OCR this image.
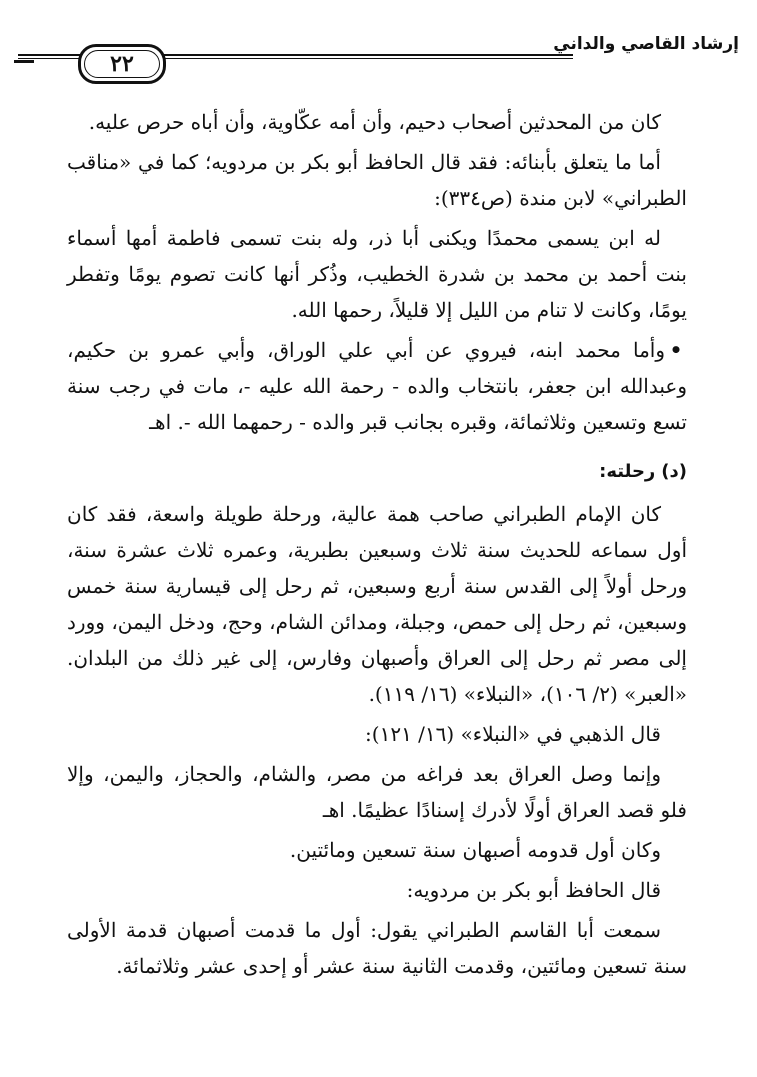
إرشاد القاصي والداني
٢٢

كان من المحدثين أصحاب دحيم، وأن أمه عكّاوية، وأن أباه حرص عليه.

أما ما يتعلق بأبنائه: فقد قال الحافظ أبو بكر بن مردويه؛ كما في «مناقب الطبراني» لابن مندة (ص٣٣٤):

له ابن يسمى محمدًا ويكنى أبا ذر، وله بنت تسمى فاطمة أمها أسماء بنت أحمد بن محمد بن شدرة الخطيب، وذُكر أنها كانت تصوم يومًا وتفطر يومًا، وكانت لا تنام من الليل إلا قليلاً، رحمها الله.

•وأما محمد ابنه، فيروي عن أبي علي الوراق، وأبي عمرو بن حكيم، وعبدالله ابن جعفر، بانتخاب والده - رحمة الله عليه -، مات في رجب سنة تسع وتسعين وثلاثمائة، وقبره بجانب قبر والده - رحمهما الله -. اهـ

(د)رحلته:

كان الإمام الطبراني صاحب همة عالية، ورحلة طويلة واسعة، فقد كان أول سماعه للحديث سنة ثلاث وسبعين بطبرية، وعمره ثلاث عشرة سنة، ورحل أولاً إلى القدس سنة أربع وسبعين، ثم رحل إلى قيسارية سنة خمس وسبعين، ثم رحل إلى حمص، وجبلة، ومدائن الشام، وحج، ودخل اليمن، وورد إلى مصر ثم رحل إلى العراق وأصبهان وفارس، إلى غير ذلك من البلدان. «العبر» (٢/ ١٠٦)، «النبلاء» (١٦/ ١١٩).

قال الذهبي في «النبلاء» (١٦/ ١٢١):

وإنما وصل العراق بعد فراغه من مصر، والشام، والحجاز، واليمن، وإلا فلو قصد العراق أولًا لأدرك إسنادًا عظيمًا. اهـ

وكان أول قدومه أصبهان سنة تسعين ومائتين.

قال الحافظ أبو بكر بن مردويه:

سمعت أبا القاسم الطبراني يقول: أول ما قدمت أصبهان قدمة الأولى سنة تسعين ومائتين، وقدمت الثانية سنة عشر أو إحدى عشر وثلاثمائة.
